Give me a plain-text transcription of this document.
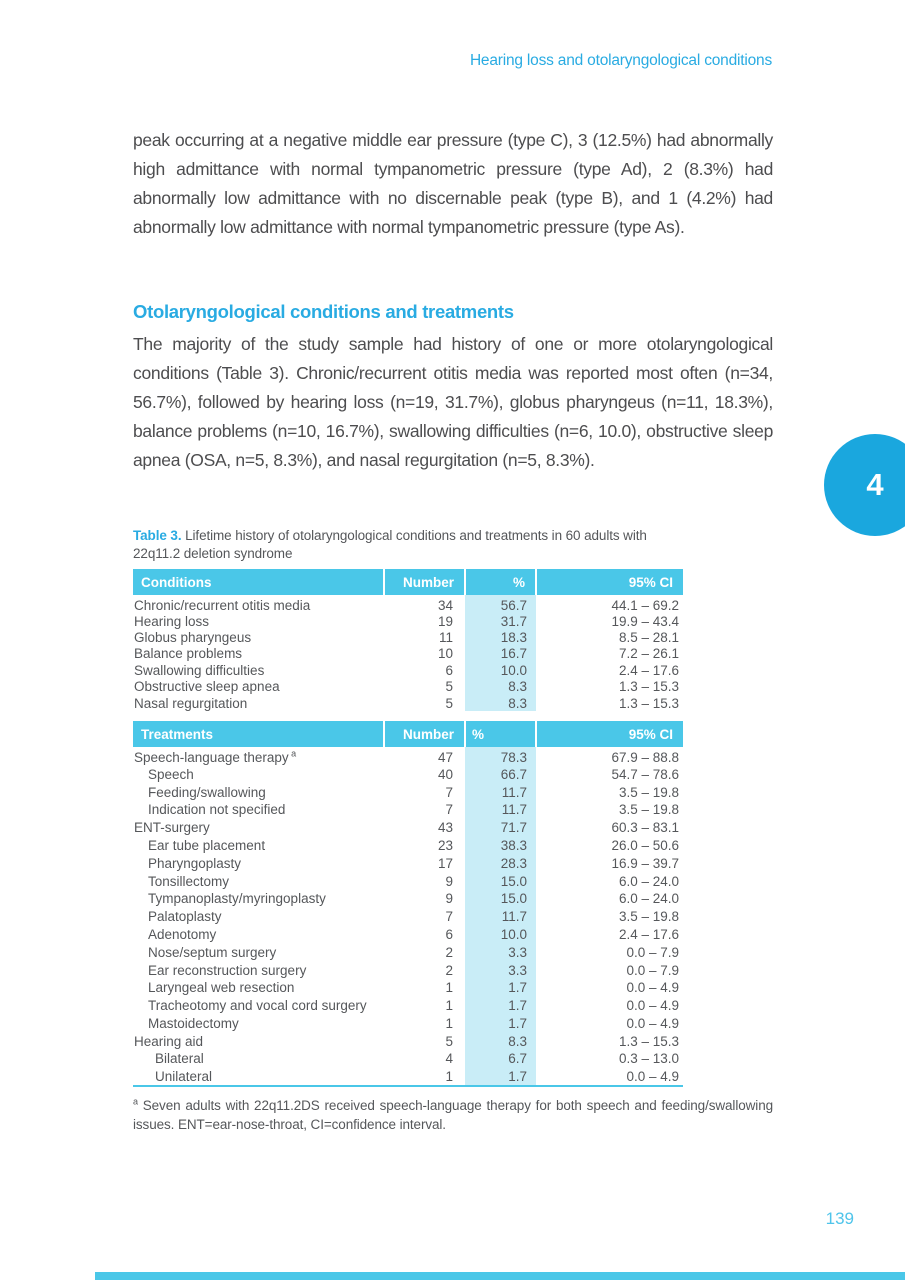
Hearing loss and otolaryngological conditions

peak occurring at a negative middle ear pressure (type C), 3 (12.5%) had abnormally high admittance with normal tympanometric pressure (type Ad), 2 (8.3%) had abnormally low admittance with no discernable peak (type B), and 1 (4.2%) had abnormally low admittance with normal tympanometric pressure (type As).

Otolaryngological conditions and treatments

The majority of the study sample had history of one or more otolaryngological conditions (Table 3). Chronic/recurrent otitis media was reported most often (n=34, 56.7%), followed by hearing loss (n=19, 31.7%), globus pharyngeus (n=11, 18.3%), balance problems (n=10, 16.7%), swallowing difficulties (n=6, 10.0), obstructive sleep apnea (OSA, n=5, 8.3%), and nasal regurgitation (n=5, 8.3%).

Table 3. Lifetime history of otolaryngological conditions and treatments in 60 adults with 22q11.2 deletion syndrome

Conditions	Number	%	95% CI
Chronic/recurrent otitis media	34	56.7	44.1 – 69.2
Hearing loss	19	31.7	19.9 – 43.4
Globus pharyngeus	11	18.3	8.5 – 28.1
Balance problems	10	16.7	7.2 – 26.1
Swallowing difficulties	6	10.0	2.4 – 17.6
Obstructive sleep apnea	5	8.3	1.3 – 15.3
Nasal regurgitation	5	8.3	1.3 – 15.3
Treatments	Number	%	95% CI
Speech-language therapy $^a$	47	78.3	67.9 – 88.8
Speech	40	66.7	54.7 – 78.6
Feeding/swallowing	7	11.7	3.5 – 19.8
Indication not specified	7	11.7	3.5 – 19.8
ENT-surgery	43	71.7	60.3 – 83.1
Ear tube placement	23	38.3	26.0 – 50.6
Pharyngoplasty	17	28.3	16.9 – 39.7
Tonsillectomy	9	15.0	6.0 – 24.0
Tympanoplasty/myringoplasty	9	15.0	6.0 – 24.0
Palatoplasty	7	11.7	3.5 – 19.8
Adenotomy	6	10.0	2.4 – 17.6
Nose/septum surgery	2	3.3	0.0 – 7.9
Ear reconstruction surgery	2	3.3	0.0 – 7.9
Laryngeal web resection	1	1.7	0.0 – 4.9
Tracheotomy and vocal cord surgery	1	1.7	0.0 – 4.9
Mastoidectomy	1	1.7	0.0 – 4.9
Hearing aid	5	8.3	1.3 – 15.3
Bilateral	4	6.7	0.3 – 13.0
Unilateral	1	1.7	0.0 – 4.9

$^a$ Seven adults with 22q11.2DS received speech-language therapy for both speech and feeding/swallowing issues. ENT=ear-nose-throat, CI=confidence interval.

4
139
